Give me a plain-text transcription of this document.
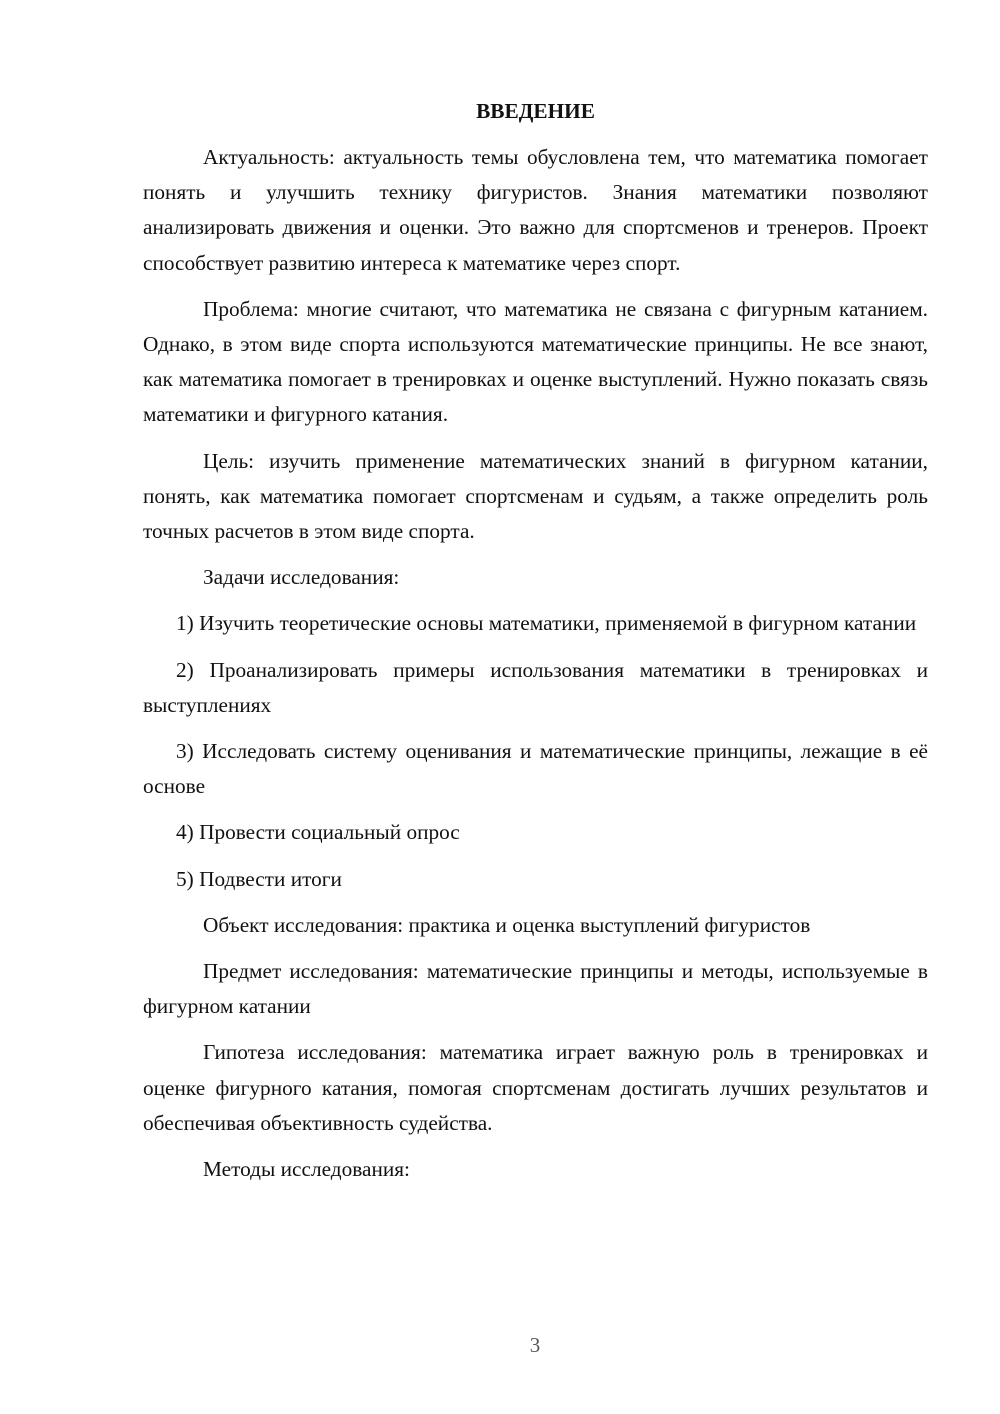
ВВЕДЕНИЕ

Актуальность: актуальность темы обусловлена тем, что математика помогает понять и улучшить технику фигуристов. Знания математики позволяют анализировать движения и оценки. Это важно для спортсменов и тренеров. Проект способствует развитию интереса к математике через спорт.

Проблема: многие считают, что математика не связана с фигурным катанием. Однако, в этом виде спорта используются математические принципы. Не все знают, как математика помогает в тренировках и оценке выступлений. Нужно показать связь математики и фигурного катания.

Цель: изучить применение математических знаний в фигурном катании, понять, как математика помогает спортсменам и судьям, а также определить роль точных расчетов в этом виде спорта.

Задачи исследования:

1) Изучить теоретические основы математики, применяемой в фигурном катании

2) Проанализировать примеры использования математики в тренировках и выступлениях

3) Исследовать систему оценивания и математические принципы, лежащие в её основе

4) Провести социальный опрос

5) Подвести итоги

Объект исследования: практика и оценка выступлений фигуристов

Предмет исследования: математические принципы и методы, используемые в фигурном катании

Гипотеза исследования: математика играет важную роль в тренировках и оценке фигурного катания, помогая спортсменам достигать лучших результатов и обеспечивая объективность судейства.

Методы исследования:

3
